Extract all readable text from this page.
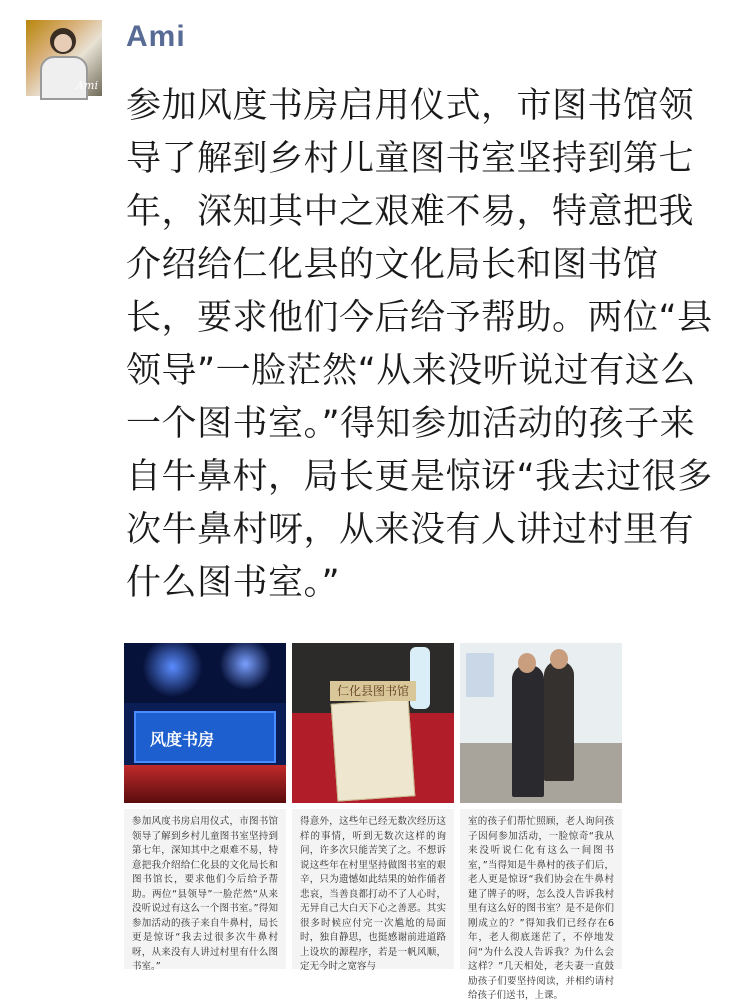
Ami
Ami
参加风度书房启用仪式，市图书馆领导了解到乡村儿童图书室坚持到第七年，深知其中之艰难不易，特意把我介绍给仁化县的文化局长和图书馆长，要求他们今后给予帮助。两位“县领导”一脸茫然“从来没听说过有这么一个图书室。”得知参加活动的孩子来自牛鼻村，局长更是惊讶“我去过很多次牛鼻村呀，从来没有人讲过村里有什么图书室。”
风度书房
仁化县图书馆
参加风度书房启用仪式，市图书馆领导了解到乡村儿童图书室坚持到第七年，深知其中之艰难不易，特意把我介绍给仁化县的文化局长和图书馆长，要求他们今后给予帮助。两位“县领导”一脸茫然“从来没听说过有这么一个图书室。”得知参加活动的孩子来自牛鼻村，局长更是惊讶“我去过很多次牛鼻村呀，从来没有人讲过村里有什么图书室。”
得意外，这些年已经无数次经历这样的事情，听到无数次这样的询问，许多次只能苦笑了之。不想诉说这些年在村里坚持做图书室的艰辛，只为遗憾如此结果的始作俑者悲哀，当善良都打动不了人心时，无异自己大白天下心之善恶。其实很多时候应付完一次尴尬的局面时，独自静思，也挺感谢前进道路上设坎的源程序，若是一帆风顺，定无今时之宽容与
室的孩子们帮忙照顾，老人询问孩子因何参加活动，一脸惊奇“我从来没听说仁化有这么一间图书室，”当得知是牛鼻村的孩子们后，老人更是惊讶“我们协会在牛鼻村建了牌子的呀，怎么没人告诉我村里有这么好的图书室？是不是你们刚成立的？”得知我们已经存在6年，老人彻底迷茫了，不停地发问“为什么没人告诉我？为什么会这样？”几天相处，老夫妻一直鼓励孩子们要坚持阅读，并相约请村给孩子们送书，上课。
